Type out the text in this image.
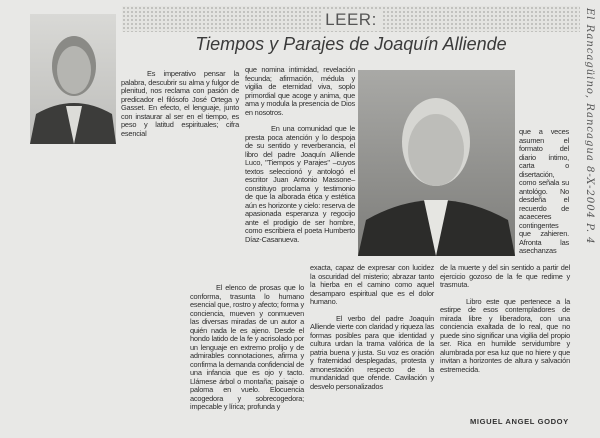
LEER:
Tiempos y Parajes de Joaquín Alliende

Es imperativo pensar la palabra, descubrir su alma y fulgor de plenitud, nos reclama con pasión de predicador el filósofo José Ortega y Gasset. En efecto, el lenguaje, junto con instaurar al ser en el tiempo, es peso y latitud espirituales; cifra esencial

que nomina intimidad, revelación fecunda; afirmación, médula y vigilia de eternidad viva, soplo primordial que acoge y anima, que ama y modula la presencia de Dios en nosotros.

En una comunidad que le presta poca atención y lo despoja de su sentido y reverberancia, el libro del padre Joaquín Alliende Luco, "Tiempos y Parajes" –cuyos textos seleccionó y antologó el escritor Juan Antonio Massone– constituyo proclama y testimonio de que la alborada ética y estética aún es horizonte y cielo: reserva de apasionada esperanza y regocijo ante el prodigio de ser hombre, como escribiera el poeta Humberto Díaz-Casanueva.

El elenco de prosas que lo conforma, trasunta lo humano esencial que, rostro y afecto; forma y conciencia, mueven y conmueven las diversas miradas de un autor a quién nada le es ajeno. Desde el hondo latido de la fe y acrisolado por un lenguaje en extremo prolijo y de admirables connotaciones, afirma y confirma la demanda confidencial de una infancia que es ojo y tacto. Llámese árbol o montaña; paisaje o paloma en vuelo. Elocuencia acogedora y sobrecogedora; impecable y lírica; profunda y

exacta, capaz de expresar con lucidez la oscuridad del misterio; abrazar tanto la hierba en el camino como aquel desamparo espiritual que es el dolor humano.

El verbo del padre Joaquín Alliende vierte con claridad y riqueza las formas posibles para que identidad y cultura urdan la trama valórica de la patria buena y justa. Su voz es oración y fraternidad desplegadas, protesta y amonestación respecto de la mundanidad que ofende. Cavilación y desvelo personalizados

que a veces asumen el formato del diario íntimo, carta o disertación, como señala su antológo. No desdeña el recuerdo de acaeceres contingentes que zahieren. Afronta las asechanzas

de la muerte y del sin sentido a partir del ejercicio gozoso de la fe que redime y trasmuta.

Libro este que pertenece a la estirpe de esos contempladores de mirada libre y liberadora, con una conciencia exaltada de lo real, que no puede sino significar una vigilia del propio ser. Rica en humilde servidumbre y alumbrada por esa luz que no hiere y que invitan a horizontes de altura y salvación estremecida.

MIGUEL ANGEL GODOY
El Rancagüino, Rancagua 8-X-2004 P. 4
